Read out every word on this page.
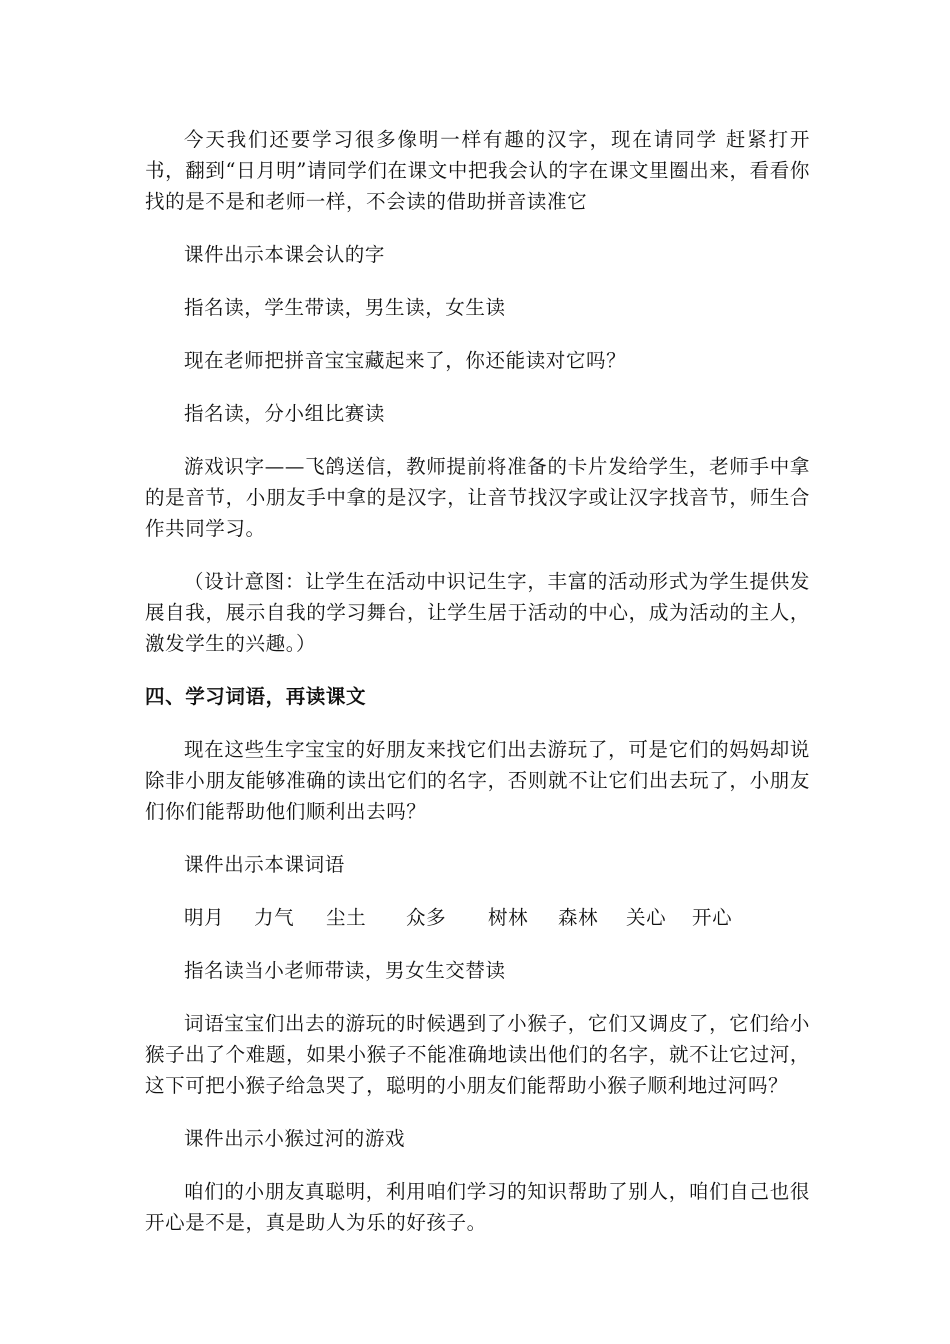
今天我们还要学习很多像明一样有趣的汉字，现在请同学 赶紧打开书，翻到“日月明”请同学们在课文中把我会认的字在课文里圈出来，看看你找的是不是和老师一样，不会读的借助拼音读准它

课件出示本课会认的字

指名读，学生带读，男生读，女生读

现在老师把拼音宝宝藏起来了，你还能读对它吗？

指名读，分小组比赛读

游戏识字——飞鸽送信，教师提前将准备的卡片发给学生，老师手中拿的是音节，小朋友手中拿的是汉字，让音节找汉字或让汉字找音节，师生合作共同学习。

（设计意图：让学生在活动中识记生字，丰富的活动形式为学生提供发展自我，展示自我的学习舞台，让学生居于活动的中心，成为活动的主人，激发学生的兴趣。）

四、学习词语，再读课文

现在这些生字宝宝的好朋友来找它们出去游玩了，可是它们的妈妈却说除非小朋友能够准确的读出它们的名字，否则就不让它们出去玩了，小朋友们你们能帮助他们顺利出去吗？

课件出示本课词语

明月	力气	尘土	众多	树林	森林	关心	开心

指名读当小老师带读，男女生交替读

词语宝宝们出去的游玩的时候遇到了小猴子，它们又调皮了，它们给小猴子出了个难题，如果小猴子不能准确地读出他们的名字，就不让它过河，这下可把小猴子给急哭了，聪明的小朋友们能帮助小猴子顺利地过河吗？

课件出示小猴过河的游戏

咱们的小朋友真聪明，利用咱们学习的知识帮助了别人，咱们自己也很开心是不是，真是助人为乐的好孩子。
